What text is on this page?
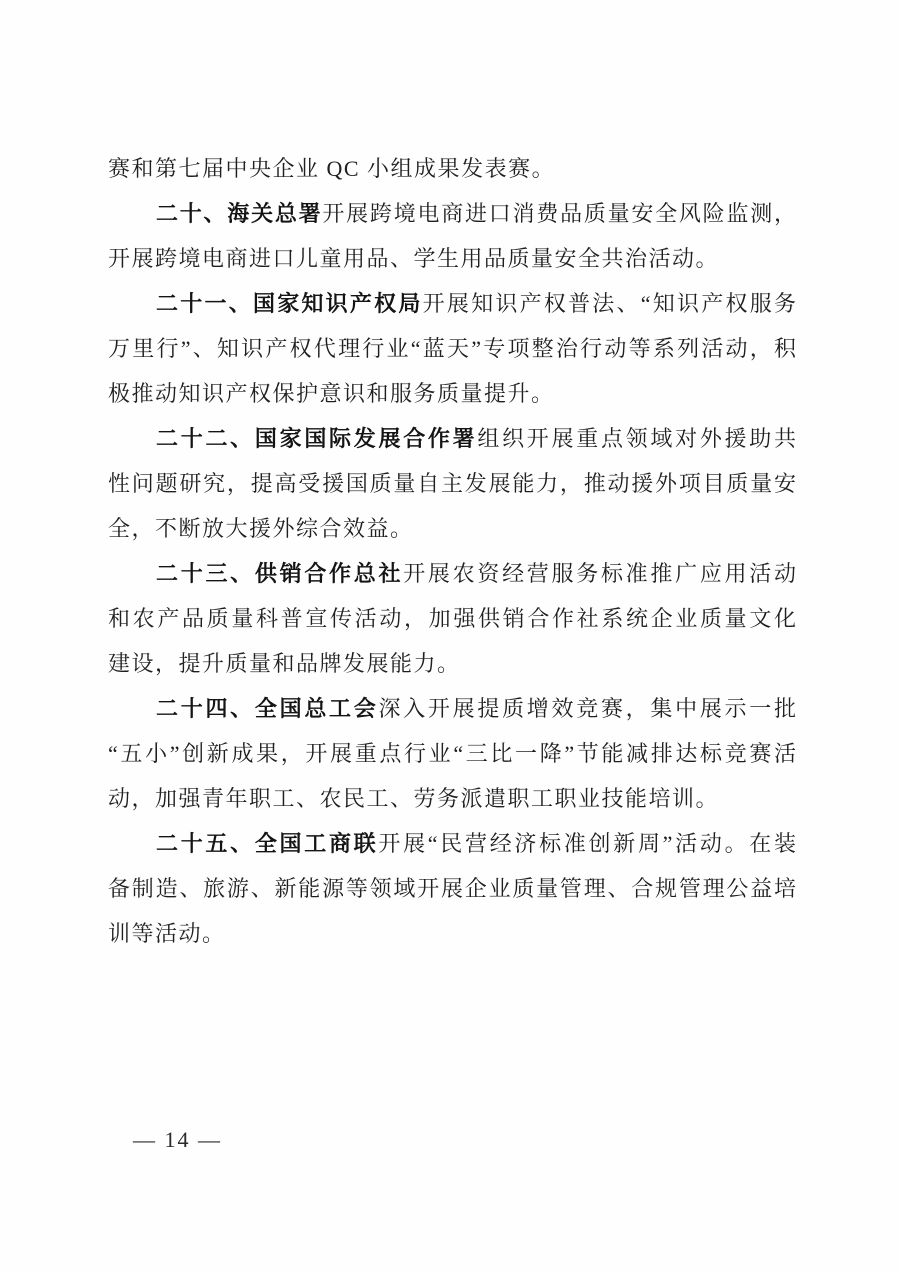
赛和第七届中央企业 QC 小组成果发表赛。
二十、海关总署开展跨境电商进口消费品质量安全风险监测，
开展跨境电商进口儿童用品、学生用品质量安全共治活动。
二十一、国家知识产权局开展知识产权普法、“知识产权服务
万里行”、知识产权代理行业“蓝天”专项整治行动等系列活动，积
极推动知识产权保护意识和服务质量提升。
二十二、国家国际发展合作署组织开展重点领域对外援助共
性问题研究，提高受援国质量自主发展能力，推动援外项目质量安
全，不断放大援外综合效益。
二十三、供销合作总社开展农资经营服务标准推广应用活动
和农产品质量科普宣传活动，加强供销合作社系统企业质量文化
建设，提升质量和品牌发展能力。
二十四、全国总工会深入开展提质增效竞赛，集中展示一批
“五小”创新成果，开展重点行业“三比一降”节能减排达标竞赛活
动，加强青年职工、农民工、劳务派遣职工职业技能培训。
二十五、全国工商联开展“民营经济标准创新周”活动。在装
备制造、旅游、新能源等领域开展企业质量管理、合规管理公益培
训等活动。
— 14 —
